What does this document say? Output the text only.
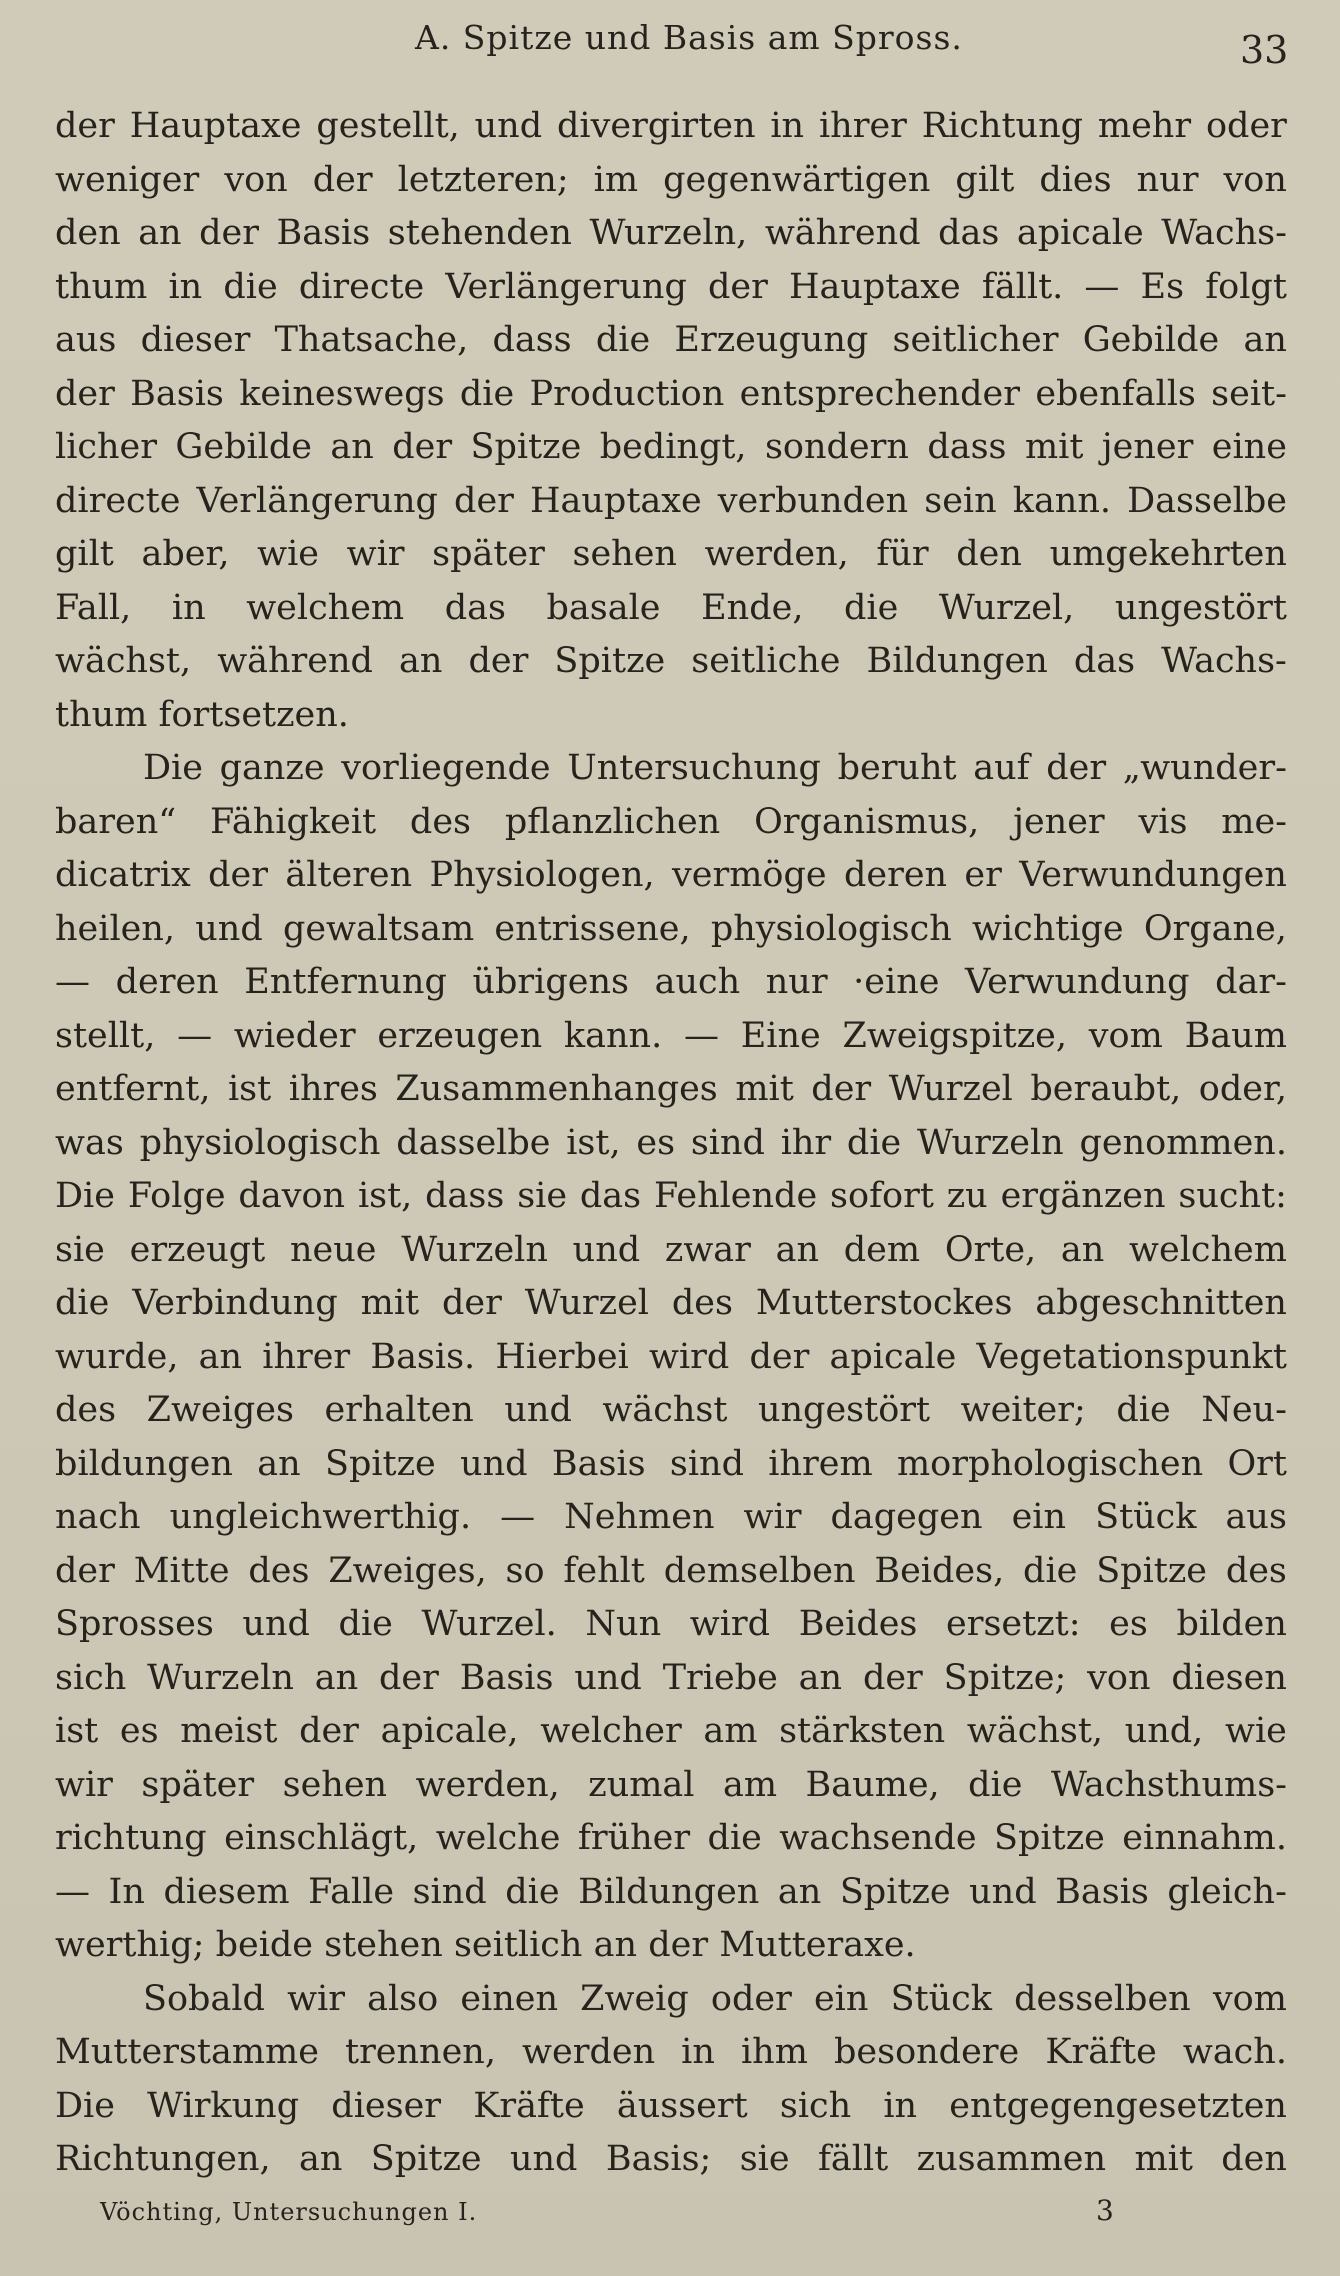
A. Spitze und Basis am Spross.	33
der Hauptaxe gestellt, und divergirten in ihrer Richtung mehr oder
weniger von der letzteren; im gegenwärtigen gilt dies nur von
den an der Basis stehenden Wurzeln, während das apicale Wachs-
thum in die directe Verlängerung der Hauptaxe fällt. — Es folgt
aus dieser Thatsache, dass die Erzeugung seitlicher Gebilde an
der Basis keineswegs die Production entsprechender ebenfalls seit-
licher Gebilde an der Spitze bedingt, sondern dass mit jener eine
directe Verlängerung der Hauptaxe verbunden sein kann. Dasselbe
gilt aber, wie wir später sehen werden, für den umgekehrten
Fall, in welchem das basale Ende, die Wurzel, ungestört
wächst, während an der Spitze seitliche Bildungen das Wachs-
thum fortsetzen.
Die ganze vorliegende Untersuchung beruht auf der „wunder-
baren“ Fähigkeit des pflanzlichen Organismus, jener vis me-
dicatrix der älteren Physiologen, vermöge deren er Verwundungen
heilen, und gewaltsam entrissene, physiologisch wichtige Organe,
— deren Entfernung übrigens auch nur ·eine Verwundung dar-
stellt, — wieder erzeugen kann. — Eine Zweigspitze, vom Baum
entfernt, ist ihres Zusammenhanges mit der Wurzel beraubt, oder,
was physiologisch dasselbe ist, es sind ihr die Wurzeln genommen.
Die Folge davon ist, dass sie das Fehlende sofort zu ergänzen sucht:
sie erzeugt neue Wurzeln und zwar an dem Orte, an welchem
die Verbindung mit der Wurzel des Mutterstockes abgeschnitten
wurde, an ihrer Basis. Hierbei wird der apicale Vegetationspunkt
des Zweiges erhalten und wächst ungestört weiter; die Neu-
bildungen an Spitze und Basis sind ihrem morphologischen Ort
nach ungleichwerthig. — Nehmen wir dagegen ein Stück aus
der Mitte des Zweiges, so fehlt demselben Beides, die Spitze des
Sprosses und die Wurzel. Nun wird Beides ersetzt: es bilden
sich Wurzeln an der Basis und Triebe an der Spitze; von diesen
ist es meist der apicale, welcher am stärksten wächst, und, wie
wir später sehen werden, zumal am Baume, die Wachsthums-
richtung einschlägt, welche früher die wachsende Spitze einnahm.
— In diesem Falle sind die Bildungen an Spitze und Basis gleich-
werthig; beide stehen seitlich an der Mutteraxe.
Sobald wir also einen Zweig oder ein Stück desselben vom
Mutterstamme trennen, werden in ihm besondere Kräfte wach.
Die Wirkung dieser Kräfte äussert sich in entgegengesetzten
Richtungen, an Spitze und Basis; sie fällt zusammen mit den
Vöchting, Untersuchungen I.	3
